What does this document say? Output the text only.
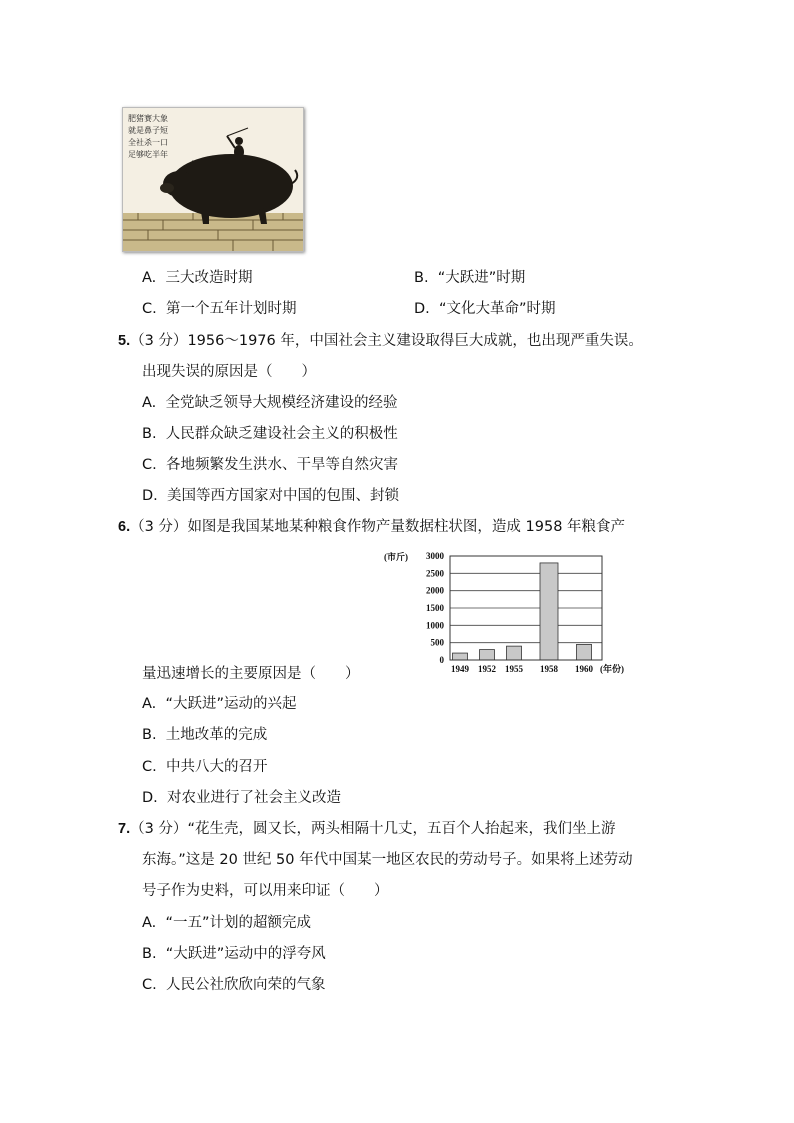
肥猪赛大象
就是鼻子短
全社杀一口
足够吃半年
A. 三大改造时期	B. “大跃进”时期
C. 第一个五年计划时期	D. “文化大革命”时期
5.（3 分）1956～1976 年，中国社会主义建设取得巨大成就，也出现严重失误。
出现失误的原因是（　　）
A. 全党缺乏领导大规模经济建设的经验
B. 人民群众缺乏建设社会主义的积极性
C. 各地频繁发生洪水、干旱等自然灾害
D. 美国等西方国家对中国的包围、封锁
6.（3 分）如图是我国某地某种粮食作物产量数据柱状图，造成 1958 年粮食产
(市斤)
0
500
1000
1500
2000
2500
3000
1949 1952 1955 1958 1960 (年份)
量迅速增长的主要原因是（　　）
A. “大跃进”运动的兴起
B. 土地改革的完成
C. 中共八大的召开
D. 对农业进行了社会主义改造
7.（3 分）“花生壳，圆又长，两头相隔十几丈，五百个人抬起来，我们坐上游
东海。”这是 20 世纪 50 年代中国某一地区农民的劳动号子。如果将上述劳动
号子作为史料，可以用来印证（　　）
A. “一五”计划的超额完成
B. “大跃进”运动中的浮夸风
C. 人民公社欣欣向荣的气象
